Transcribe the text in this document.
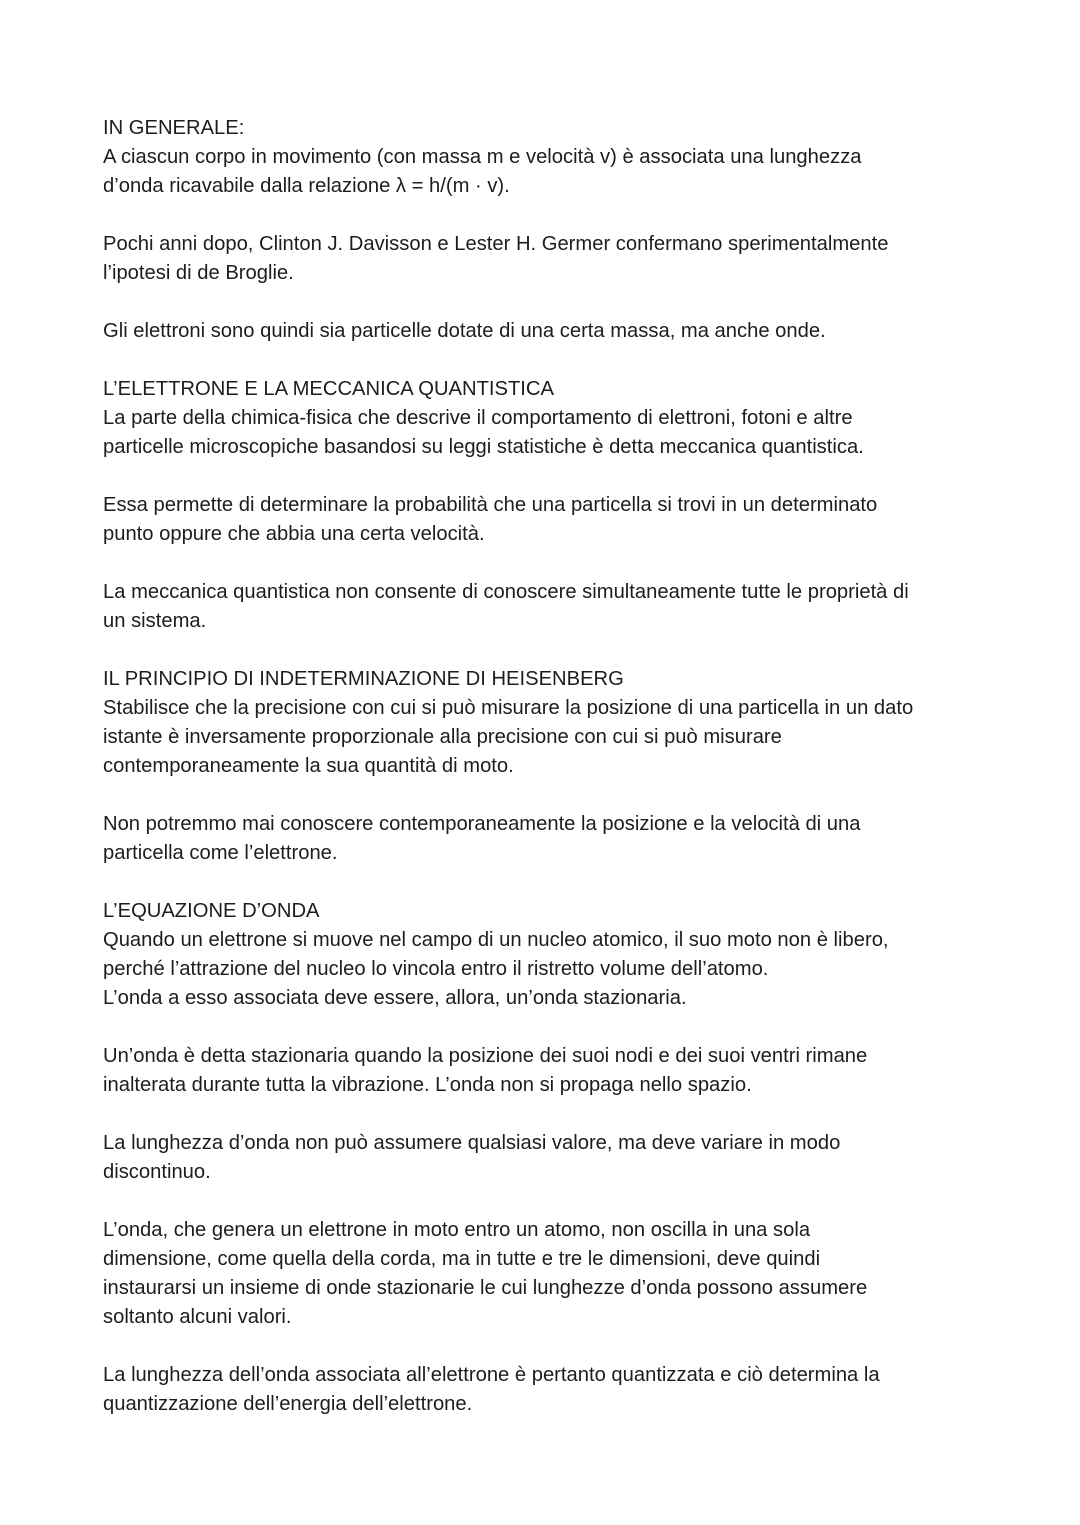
IN GENERALE:
A ciascun corpo in movimento (con massa m e velocità v) è associata una lunghezza
d’onda ricavabile dalla relazione λ = h/(m · v).
Pochi anni dopo, Clinton J. Davisson e Lester H. Germer confermano sperimentalmente
l’ipotesi di de Broglie.
Gli elettroni sono quindi sia particelle dotate di una certa massa, ma anche onde.
L’ELETTRONE E LA MECCANICA QUANTISTICA
La parte della chimica-fisica che descrive il comportamento di elettroni, fotoni e altre
particelle microscopiche basandosi su leggi statistiche è detta meccanica quantistica.
Essa permette di determinare la probabilità che una particella si trovi in un determinato
punto oppure che abbia una certa velocità.
La meccanica quantistica non consente di conoscere simultaneamente tutte le proprietà di
un sistema.
IL PRINCIPIO DI INDETERMINAZIONE DI HEISENBERG
Stabilisce che la precisione con cui si può misurare la posizione di una particella in un dato
istante è inversamente proporzionale alla precisione con cui si può misurare
contemporaneamente la sua quantità di moto.
Non potremmo mai conoscere contemporaneamente la posizione e la velocità di una
particella come l’elettrone.
L’EQUAZIONE D’ONDA
Quando un elettrone si muove nel campo di un nucleo atomico, il suo moto non è libero,
perché l’attrazione del nucleo lo vincola entro il ristretto volume dell’atomo.
L’onda a esso associata deve essere, allora, un’onda stazionaria.
Un’onda è detta stazionaria quando la posizione dei suoi nodi e dei suoi ventri rimane
inalterata durante tutta la vibrazione. L’onda non si propaga nello spazio.
La lunghezza d’onda non può assumere qualsiasi valore, ma deve variare in modo
discontinuo.
L’onda, che genera un elettrone in moto entro un atomo, non oscilla in una sola
dimensione, come quella della corda, ma in tutte e tre le dimensioni, deve quindi
instaurarsi un insieme di onde stazionarie le cui lunghezze d’onda possono assumere
soltanto alcuni valori.
La lunghezza dell’onda associata all’elettrone è pertanto quantizzata e ciò determina la
quantizzazione dell’energia dell’elettrone.
